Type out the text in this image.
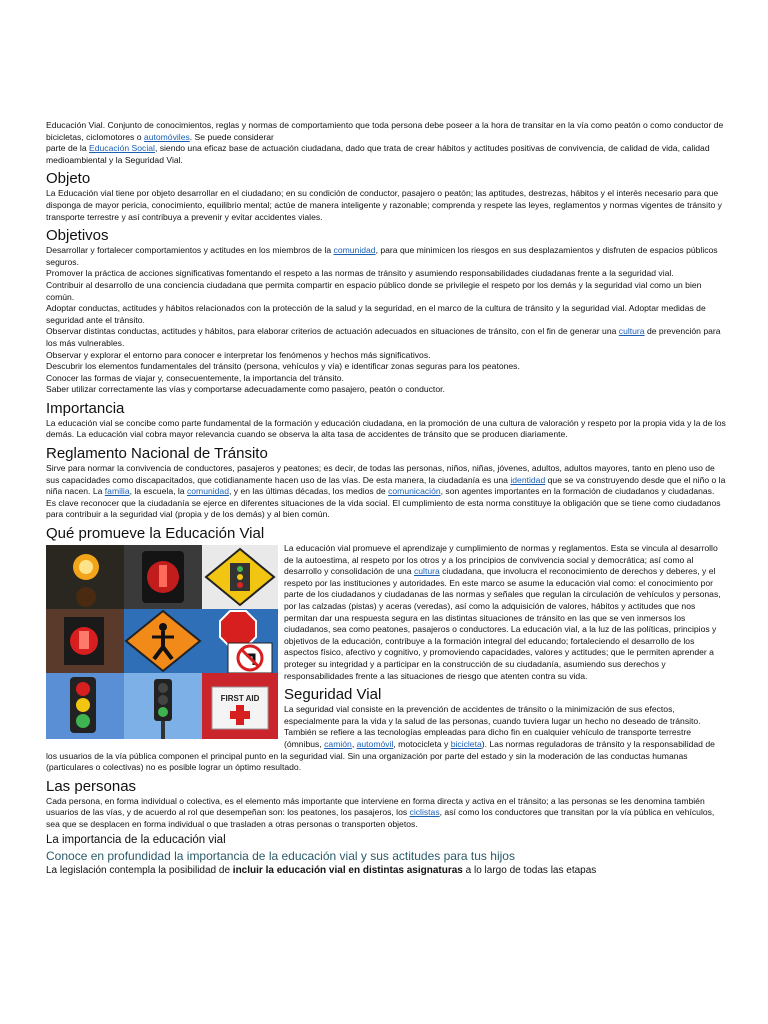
Educación Vial. Conjunto de conocimientos, reglas y normas de comportamiento que toda persona debe poseer a la hora de transitar en la vía como peatón o como conductor de bicicletas, ciclomotores o automóviles. Se puede considerar
parte de la Educación Social, siendo una eficaz base de actuación ciudadana, dado que trata de crear hábitos y actitudes positivas de convivencia, de calidad de vida, calidad medioambiental y la Seguridad Vial.

Objeto

La Educación vial tiene por objeto desarrollar en el ciudadano; en su condición de conductor, pasajero o peatón; las aptitudes, destrezas, hábitos y el interés necesario para que disponga de mayor pericia, conocimiento, equilibrio mental; actúe de manera inteligente y razonable; comprenda y respete las leyes, reglamentos y normas vigentes de tránsito y transporte terrestre y así contribuya a prevenir y evitar accidentes viales.

Objetivos

Desarrollar y fortalecer comportamientos y actitudes en los miembros de la comunidad, para que minimicen los riesgos en sus desplazamientos y disfruten de espacios públicos seguros.

Promover la práctica de acciones significativas fomentando el respeto a las normas de tránsito y asumiendo responsabilidades ciudadanas frente a la seguridad vial.

Contribuir al desarrollo de una conciencia ciudadana que permita compartir en espacio público donde se privilegie el respeto por los demás y la seguridad vial como un bien común.

Adoptar conductas, actitudes y hábitos relacionados con la protección de la salud y la seguridad, en el marco de la cultura de tránsito y la seguridad vial. Adoptar medidas de seguridad ante el tránsito.

Observar distintas conductas, actitudes y hábitos, para elaborar criterios de actuación adecuados en situaciones de tránsito, con el fin de generar una cultura de prevención para los más vulnerables.

Observar y explorar el entorno para conocer e interpretar los fenómenos y hechos más significativos.

Descubrir los elementos fundamentales del tránsito (persona, vehículos y vía) e identificar zonas seguras para los peatones.

Conocer las formas de viajar y, consecuentemente, la importancia del tránsito.

Saber utilizar correctamente las vías y comportarse adecuadamente como pasajero, peatón o conductor.

Importancia

La educación vial se concibe como parte fundamental de la formación y educación ciudadana, en la promoción de una cultura de valoración y respeto por la propia vida y la de los demás. La educación vial cobra mayor relevancia cuando se observa la alta tasa de accidentes de tránsito que se producen diariamente.

Reglamento Nacional de Tránsito

Sirve para normar la convivencia de conductores, pasajeros y peatones; es decir, de todas las personas, niños, niñas, jóvenes, adultos, adultos mayores, tanto en pleno uso de sus capacidades como discapacitados, que cotidianamente hacen uso de las vías. De esta manera, la ciudadanía es una identidad que se va construyendo desde que el niño o la niña nacen. La familia, la escuela, la comunidad, y en las últimas décadas, los medios de comunicación, son agentes importantes en la formación de ciudadanos y ciudadanas. Es clave reconocer que la ciudadanía se ejerce en diferentes situaciones de la vida social. El cumplimiento de esta norma constituye la obligación que se tiene como ciudadanos para contribuir a la seguridad vial (propia y de los demás) y al bien común.

Qué promueve la Educación Vial
FIRST AID

La educación vial promueve el aprendizaje y cumplimiento de normas y reglamentos. Esta se vincula al desarrollo de la autoestima, al respeto por los otros y a los principios de convivencia social y democrática; así como al desarrollo y consolidación de una cultura ciudadana, que involucra el reconocimiento de derechos y deberes, y el respeto por las instituciones y autoridades. En este marco se asume la educación vial como: el conocimiento por parte de los ciudadanos y ciudadanas de las normas y señales que regulan la circulación de vehículos y personas, por las calzadas (pistas) y aceras (veredas), así como la adquisición de valores, hábitos y actitudes que nos permitan dar una respuesta segura en las distintas situaciones de tránsito en las que se ven inmersos los ciudadanos, sea como peatones, pasajeros o conductores. La educación vial, a la luz de las políticas, principios y objetivos de la educación, contribuye a la formación integral del educando; fortaleciendo el desarrollo de los aspectos físico, afectivo y cognitivo, y promoviendo capacidades, valores y actitudes; que le permiten aprender a proteger su integridad y a participar en la construcción de su ciudadanía, asumiendo sus derechos y responsabilidades frente a las situaciones de riesgo que atenten contra su vida.

Seguridad Vial

La seguridad vial consiste en la prevención de accidentes de tránsito o la minimización de sus efectos, especialmente para la vida y la salud de las personas, cuando tuviera lugar un hecho no deseado de tránsito. También se refiere a las tecnologías empleadas para dicho fin en cualquier vehículo de transporte terrestre (ómnibus, camión, automóvil, motocicleta y bicicleta). Las normas reguladoras de tránsito y la responsabilidad de los usuarios de la vía pública componen el principal punto en la seguridad vial. Sin una organización por parte del estado y sin la moderación de las conductas humanas (particulares o colectivas) no es posible lograr un óptimo resultado.

Las personas

Cada persona, en forma individual o colectiva, es el elemento más importante que interviene en forma directa y activa en el tránsito; a las personas se les denomina también usuarios de las vías, y de acuerdo al rol que desempeñan son: los peatones, los pasajeros, los ciclistas, así como los conductores que transitan por la vía pública en vehículos, sea que se desplacen en forma individual o que trasladen a otras personas o transporten objetos.

La importancia de la educación vial
Conoce en profundidad la importancia de la educación vial y sus actitudes para tus hijos

La legislación contempla la posibilidad de incluir la educación vial en distintas asignaturas a lo largo de todas las etapas
